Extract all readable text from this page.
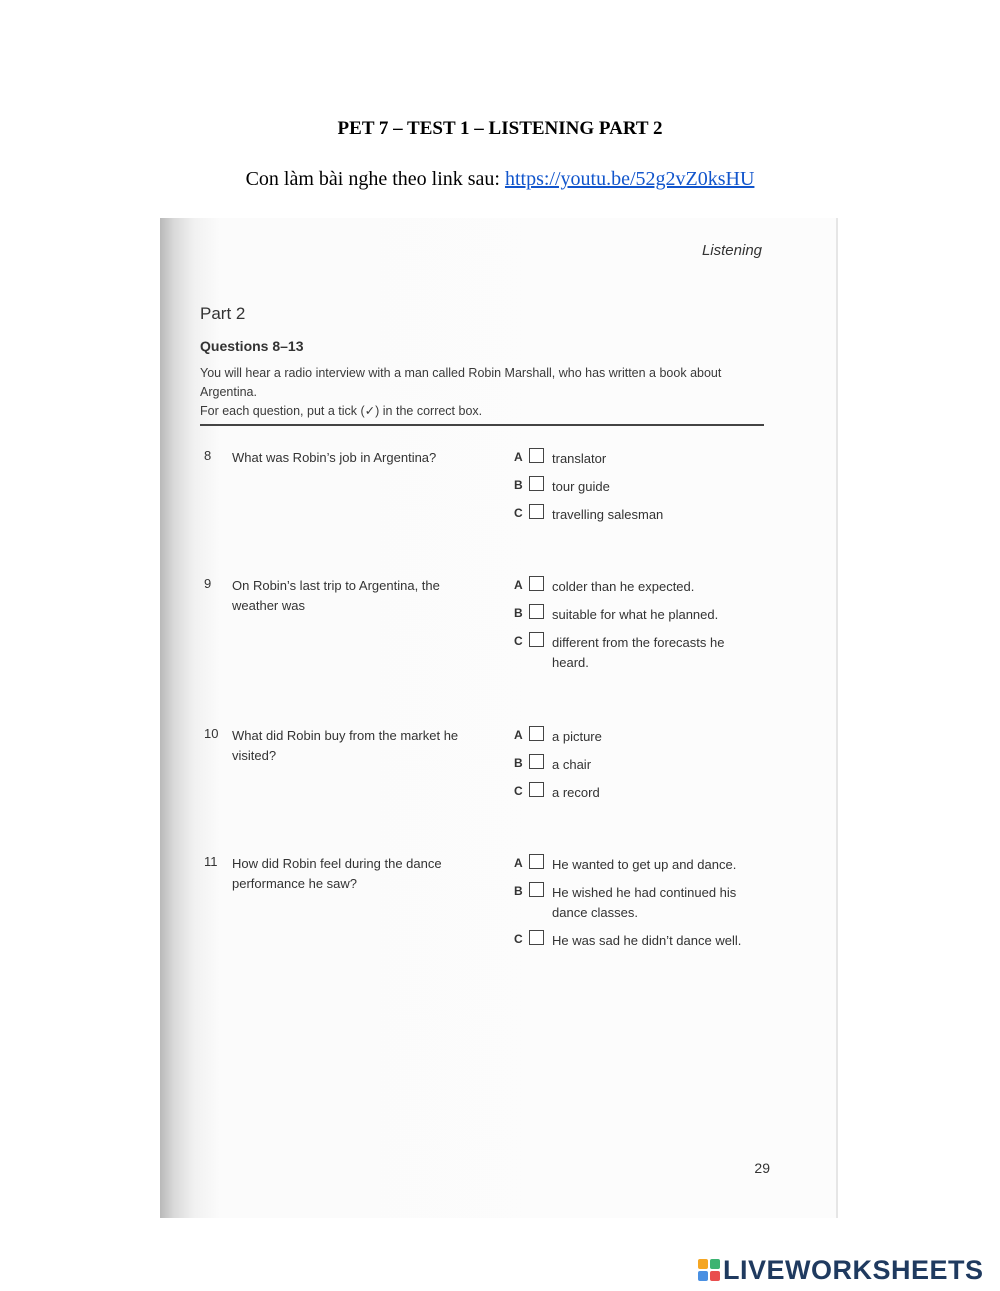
PET 7 – TEST 1 – LISTENING PART 2
Con làm bài nghe theo link sau: https://youtu.be/52g2vZ0ksHU
Listening
Part 2
Questions 8–13
You will hear a radio interview with a man called Robin Marshall, who has written a book about Argentina.
For each question, put a tick (✓) in the correct box.
8	What was Robin’s job in Argentina?	A translator
B tour guide
C travelling salesman
9	On Robin’s last trip to Argentina, the weather was
A colder than he expected.
B suitable for what he planned.
C different from the forecasts he heard.
10	What did Robin buy from the market he visited?
A a picture
B a chair
C a record
11	How did Robin feel during the dance performance he saw?
A He wanted to get up and dance.
B He wished he had continued his dance classes.
C He was sad he didn’t dance well.
29
LIVEWORKSHEETS
